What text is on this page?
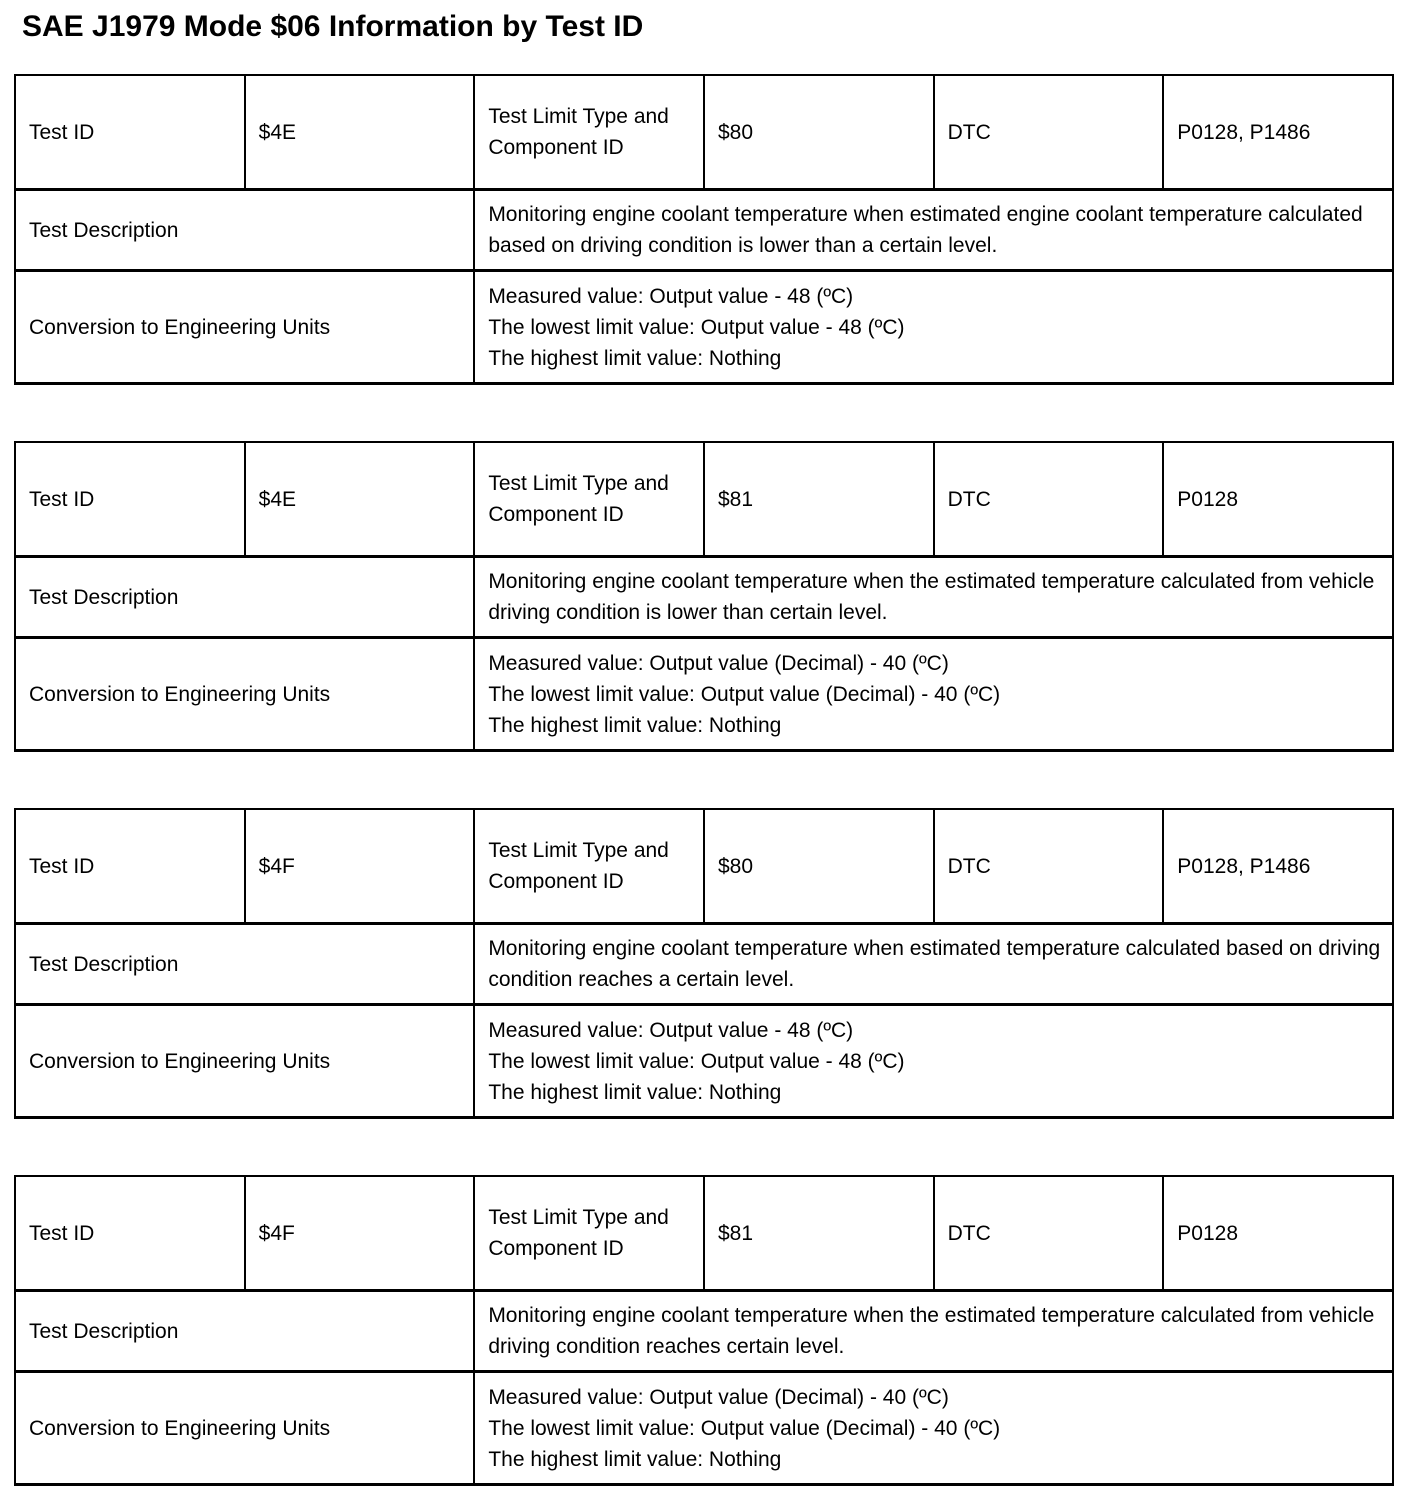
SAE J1979 Mode $06 Information by Test ID
Test ID	$4E	Test Limit Type and Component ID	$80	DTC	P0128, P1486
Test Description		Monitoring engine coolant temperature when estimated engine coolant temperature calculated based on driving condition is lower than a certain level.			
Conversion to Engineering Units		Measured value: Output value - 48 (ºC)
The lowest limit value: Output value - 48 (ºC)
The highest limit value: Nothing			
Test ID	$4E	Test Limit Type and Component ID	$81	DTC	P0128
Test Description		Monitoring engine coolant temperature when the estimated temperature calculated from vehicle driving condition is lower than certain level.			
Conversion to Engineering Units		Measured value: Output value (Decimal) - 40 (ºC)
The lowest limit value: Output value (Decimal) - 40 (ºC)
The highest limit value: Nothing			
Test ID	$4F	Test Limit Type and Component ID	$80	DTC	P0128, P1486
Test Description		Monitoring engine coolant temperature when estimated temperature calculated based on driving condition reaches a certain level.			
Conversion to Engineering Units		Measured value: Output value - 48 (ºC)
The lowest limit value: Output value - 48 (ºC)
The highest limit value: Nothing			
Test ID	$4F	Test Limit Type and Component ID	$81	DTC	P0128
Test Description		Monitoring engine coolant temperature when the estimated temperature calculated from vehicle driving condition reaches certain level.			
Conversion to Engineering Units		Measured value: Output value (Decimal) - 40 (ºC)
The lowest limit value: Output value (Decimal) - 40 (ºC)
The highest limit value: Nothing			
